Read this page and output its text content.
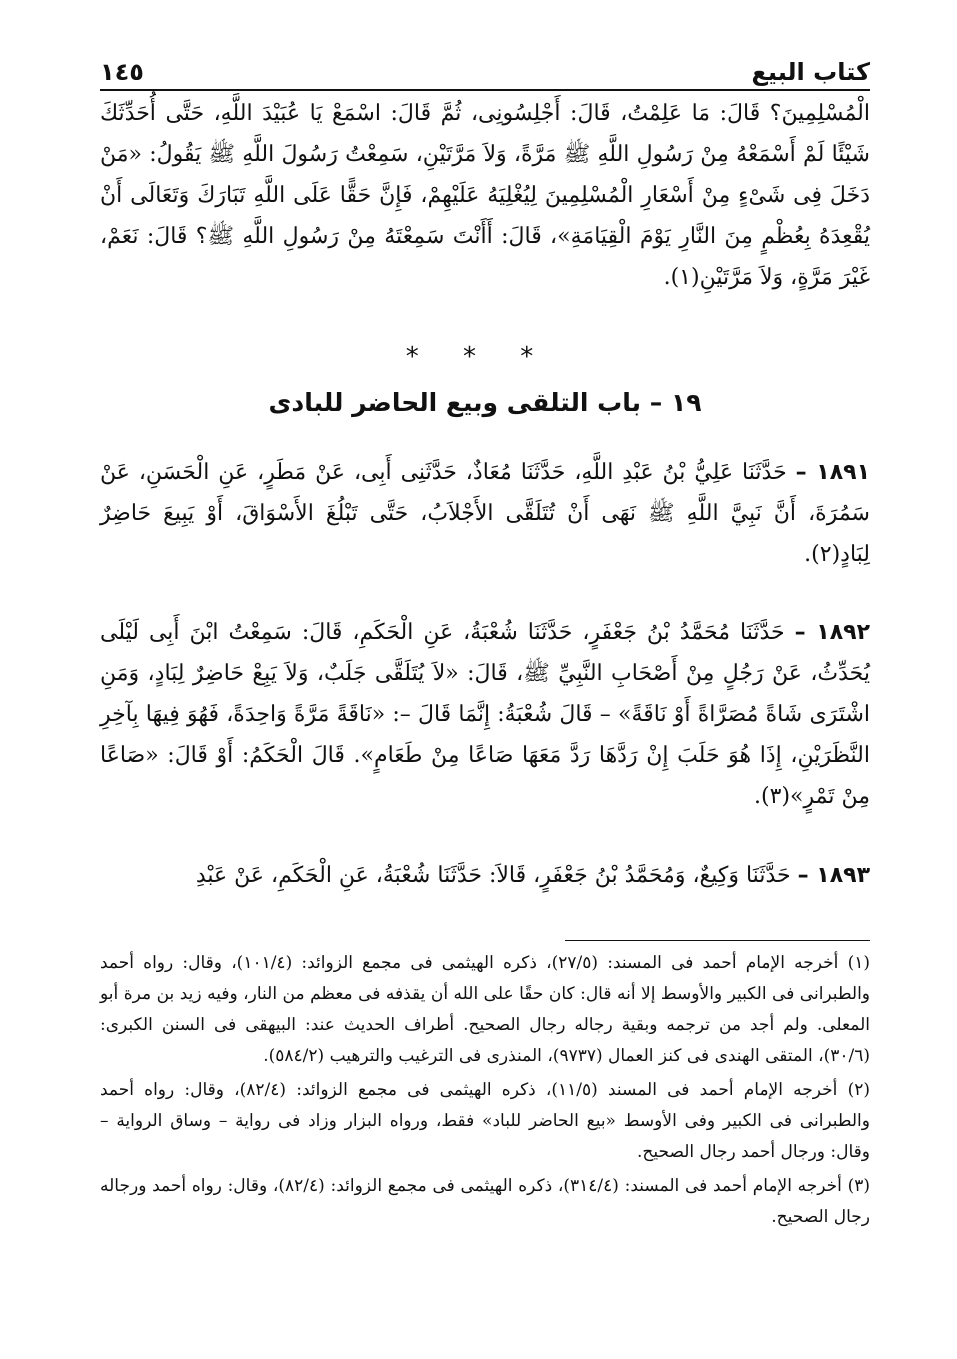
١٤٥	كتاب البيع
الْمُسْلِمِينَ؟ قَالَ: مَا عَلِمْتُ، قَالَ: أَجْلِسُونِى، ثُمَّ قَالَ: اسْمَعْ يَا عُبَيْدَ اللَّهِ، حَتَّى أُحَدِّثَكَ شَيْئًا لَمْ أَسْمَعْهُ مِنْ رَسُولِ اللَّهِ ﷺ مَرَّةً، وَلاَ مَرَّتَيْنِ، سَمِعْتُ رَسُولَ اللَّهِ ﷺ يَقُولُ: «مَنْ دَخَلَ فِى شَىْءٍ مِنْ أَسْعَارِ الْمُسْلِمِينَ لِيُغْلِيَهُ عَلَيْهِمْ، فَإِنَّ حَقًّا عَلَى اللَّهِ تَبَارَكَ وَتَعَالَى أَنْ يُقْعِدَهُ بِعُظْمٍ مِنَ النَّارِ يَوْمَ الْقِيَامَةِ»، قَالَ: أَأَنْتَ سَمِعْتَهُ مِنْ رَسُولِ اللَّهِ ﷺ؟ قَالَ: نَعَمْ، غَيْرَ مَرَّةٍ، وَلاَ مَرَّتَيْنِ(١).
* * *
١٩ – باب التلقى وبيع الحاضر للبادى
١٨٩١ – حَدَّثَنَا عَلِيُّ بْنُ عَبْدِ اللَّهِ، حَدَّثَنَا مُعَاذٌ، حَدَّثَنِى أَبِى، عَنْ مَطَرٍ، عَنِ الْحَسَنِ، عَنْ سَمُرَةَ، أَنَّ نَبِيَّ اللَّهِ ﷺ نَهَى أَنْ تُتَلَقَّى الأَجْلاَبُ، حَتَّى تَبْلُغَ الأَسْوَاقَ، أَوْ يَبِيعَ حَاضِرٌ لِبَادٍ(٢).
١٨٩٢ – حَدَّثَنَا مُحَمَّدُ بْنُ جَعْفَرٍ، حَدَّثَنَا شُعْبَةُ، عَنِ الْحَكَمِ، قَالَ: سَمِعْتُ ابْنَ أَبِى لَيْلَى يُحَدِّثُ، عَنْ رَجُلٍ مِنْ أَصْحَابِ النَّبِيِّ ﷺ، قَالَ: «لاَ يُتَلَقَّى جَلَبٌ، وَلاَ يَبِعْ حَاضِرٌ لِبَادٍ، وَمَنِ اشْتَرَى شَاةً مُصَرَّاةً أَوْ نَاقَةً» – قَالَ شُعْبَةُ: إِنَّمَا قَالَ –: «نَاقَةً مَرَّةً وَاحِدَةً، فَهُوَ فِيهَا بِآخِرِ النَّظَرَيْنِ، إِذَا هُوَ حَلَبَ إِنْ رَدَّهَا رَدَّ مَعَهَا صَاعًا مِنْ طَعَامٍ». قَالَ الْحَكَمُ: أَوْ قَالَ: «صَاعًا مِنْ تَمْرٍ»(٣).
١٨٩٣ – حَدَّثَنَا وَكِيعٌ، وَمُحَمَّدُ بْنُ جَعْفَرٍ، قَالاَ: حَدَّثَنَا شُعْبَةُ، عَنِ الْحَكَمِ، عَنْ عَبْدِ

(١) أخرجه الإمام أحمد فى المسند: (٢٧/٥)، ذكره الهيثمى فى مجمع الزوائد: (١٠١/٤)، وقال: رواه أحمد والطبرانى فى الكبير والأوسط إلا أنه قال: كان حقًا على الله أن يقذفه فى معظم من النار، وفيه زيد بن مرة أبو المعلى. ولم أجد من ترجمه وبقية رجاله رجال الصحيح. أطراف الحديث عند: البيهقى فى السنن الكبرى: (٣٠/٦)، المتقى الهندى فى كنز العمال (٩٧٣٧)، المنذرى فى الترغيب والترهيب (٥٨٤/٢).

(٢) أخرجه الإمام أحمد فى المسند (١١/٥)، ذكره الهيثمى فى مجمع الزوائد: (٨٢/٤)، وقال: رواه أحمد والطبرانى فى الكبير وفى الأوسط «بيع الحاضر للباد» فقط، ورواه البزار وزاد فى رواية – وساق الرواية – وقال: ورجال أحمد رجال الصحيح.

(٣) أخرجه الإمام أحمد فى المسند: (٣١٤/٤)، ذكره الهيثمى فى مجمع الزوائد: (٨٢/٤)، وقال: رواه أحمد ورجاله رجال الصحيح.
